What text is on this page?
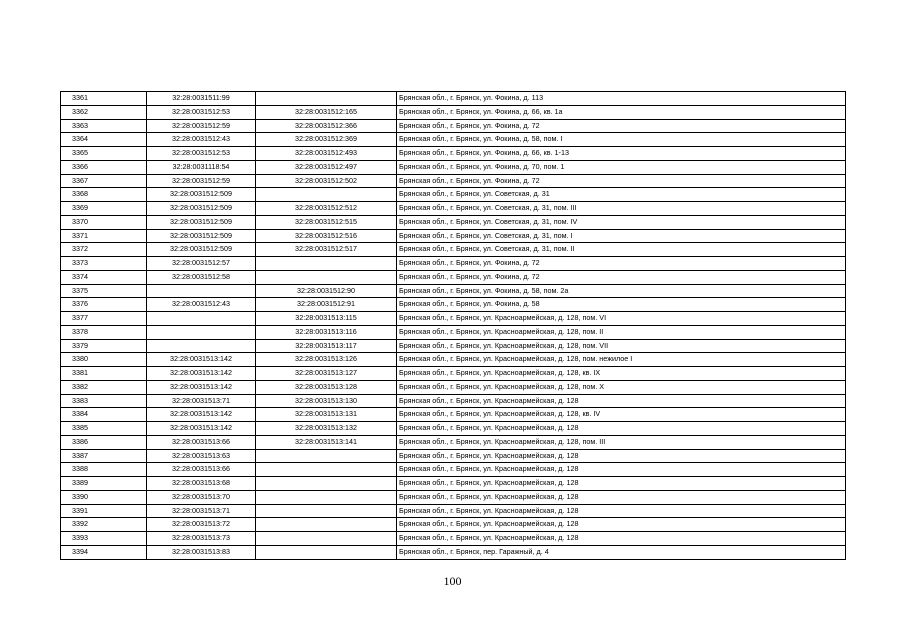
3361	32:28:0031511:99		Брянская обл., г. Брянск, ул. Фокина, д. 113
3362	32:28:0031512:53	32:28:0031512:165	Брянская обл., г. Брянск, ул. Фокина, д. 66, кв. 1а
3363	32:28:0031512:59	32:28:0031512:366	Брянская обл., г. Брянск, ул. Фокина, д. 72
3364	32:28:0031512:43	32:28:0031512:369	Брянская обл., г. Брянск, ул. Фокина, д. 58, пом. I
3365	32:28:0031512:53	32:28:0031512:493	Брянская обл., г. Брянск, ул. Фокина, д. 66, кв. 1-13
3366	32:28:0031118:54	32:28:0031512:497	Брянская обл., г. Брянск, ул. Фокина, д. 70, пом. 1
3367	32:28:0031512:59	32:28:0031512:502	Брянская обл., г. Брянск, ул. Фокина, д. 72
3368	32:28:0031512:509		Брянская обл., г. Брянск, ул. Советская, д. 31
3369	32:28:0031512:509	32:28:0031512:512	Брянская обл., г. Брянск, ул. Советская, д. 31, пом. III
3370	32:28:0031512:509	32:28:0031512:515	Брянская обл., г. Брянск, ул. Советская, д. 31, пом. IV
3371	32:28:0031512:509	32:28:0031512:516	Брянская обл., г. Брянск, ул. Советская, д. 31, пом. I
3372	32:28:0031512:509	32:28:0031512:517	Брянская обл., г. Брянск, ул. Советская, д. 31, пом. II
3373	32:28:0031512:57		Брянская обл., г. Брянск, ул. Фокина, д. 72
3374	32:28:0031512:58		Брянская обл., г. Брянск, ул. Фокина, д. 72
3375		32:28:0031512:90	Брянская обл., г. Брянск, ул. Фокина, д. 58, пом. 2а
3376	32:28:0031512:43	32:28:0031512:91	Брянская обл., г. Брянск, ул. Фокина, д. 58
3377		32:28:0031513:115	Брянская обл., г. Брянск, ул. Красноармейская, д. 128, пом. VI
3378		32:28:0031513:116	Брянская обл., г. Брянск, ул. Красноармейская, д. 128, пом. II
3379		32:28:0031513:117	Брянская обл., г. Брянск, ул. Красноармейская, д. 128, пом. VII
3380	32:28:0031513:142	32:28:0031513:126	Брянская обл., г. Брянск, ул. Красноармейская, д. 128, пом. нежилое I
3381	32:28:0031513:142	32:28:0031513:127	Брянская обл., г. Брянск, ул. Красноармейская, д. 128, кв. IX
3382	32:28:0031513:142	32:28:0031513:128	Брянская обл., г. Брянск, ул. Красноармейская, д. 128, пом. X
3383	32:28:0031513:71	32:28:0031513:130	Брянская обл., г. Брянск, ул. Красноармейская, д. 128
3384	32:28:0031513:142	32:28:0031513:131	Брянская обл., г. Брянск, ул. Красноармейская, д. 128, кв. IV
3385	32:28:0031513:142	32:28:0031513:132	Брянская обл., г. Брянск, ул. Красноармейская, д. 128
3386	32:28:0031513:66	32:28:0031513:141	Брянская обл., г. Брянск, ул. Красноармейская, д. 128, пом. III
3387	32:28:0031513:63		Брянская обл., г. Брянск, ул. Красноармейская, д. 128
3388	32:28:0031513:66		Брянская обл., г. Брянск, ул. Красноармейская, д. 128
3389	32:28:0031513:68		Брянская обл., г. Брянск, ул. Красноармейская, д. 128
3390	32:28:0031513:70		Брянская обл., г. Брянск, ул. Красноармейская, д. 128
3391	32:28:0031513:71		Брянская обл., г. Брянск, ул. Красноармейская, д. 128
3392	32:28:0031513:72		Брянская обл., г. Брянск, ул. Красноармейская, д. 128
3393	32:28:0031513:73		Брянская обл., г. Брянск, ул. Красноармейская, д. 128
3394	32:28:0031513:83		Брянская обл., г. Брянск, пер. Гаражный, д. 4
100
